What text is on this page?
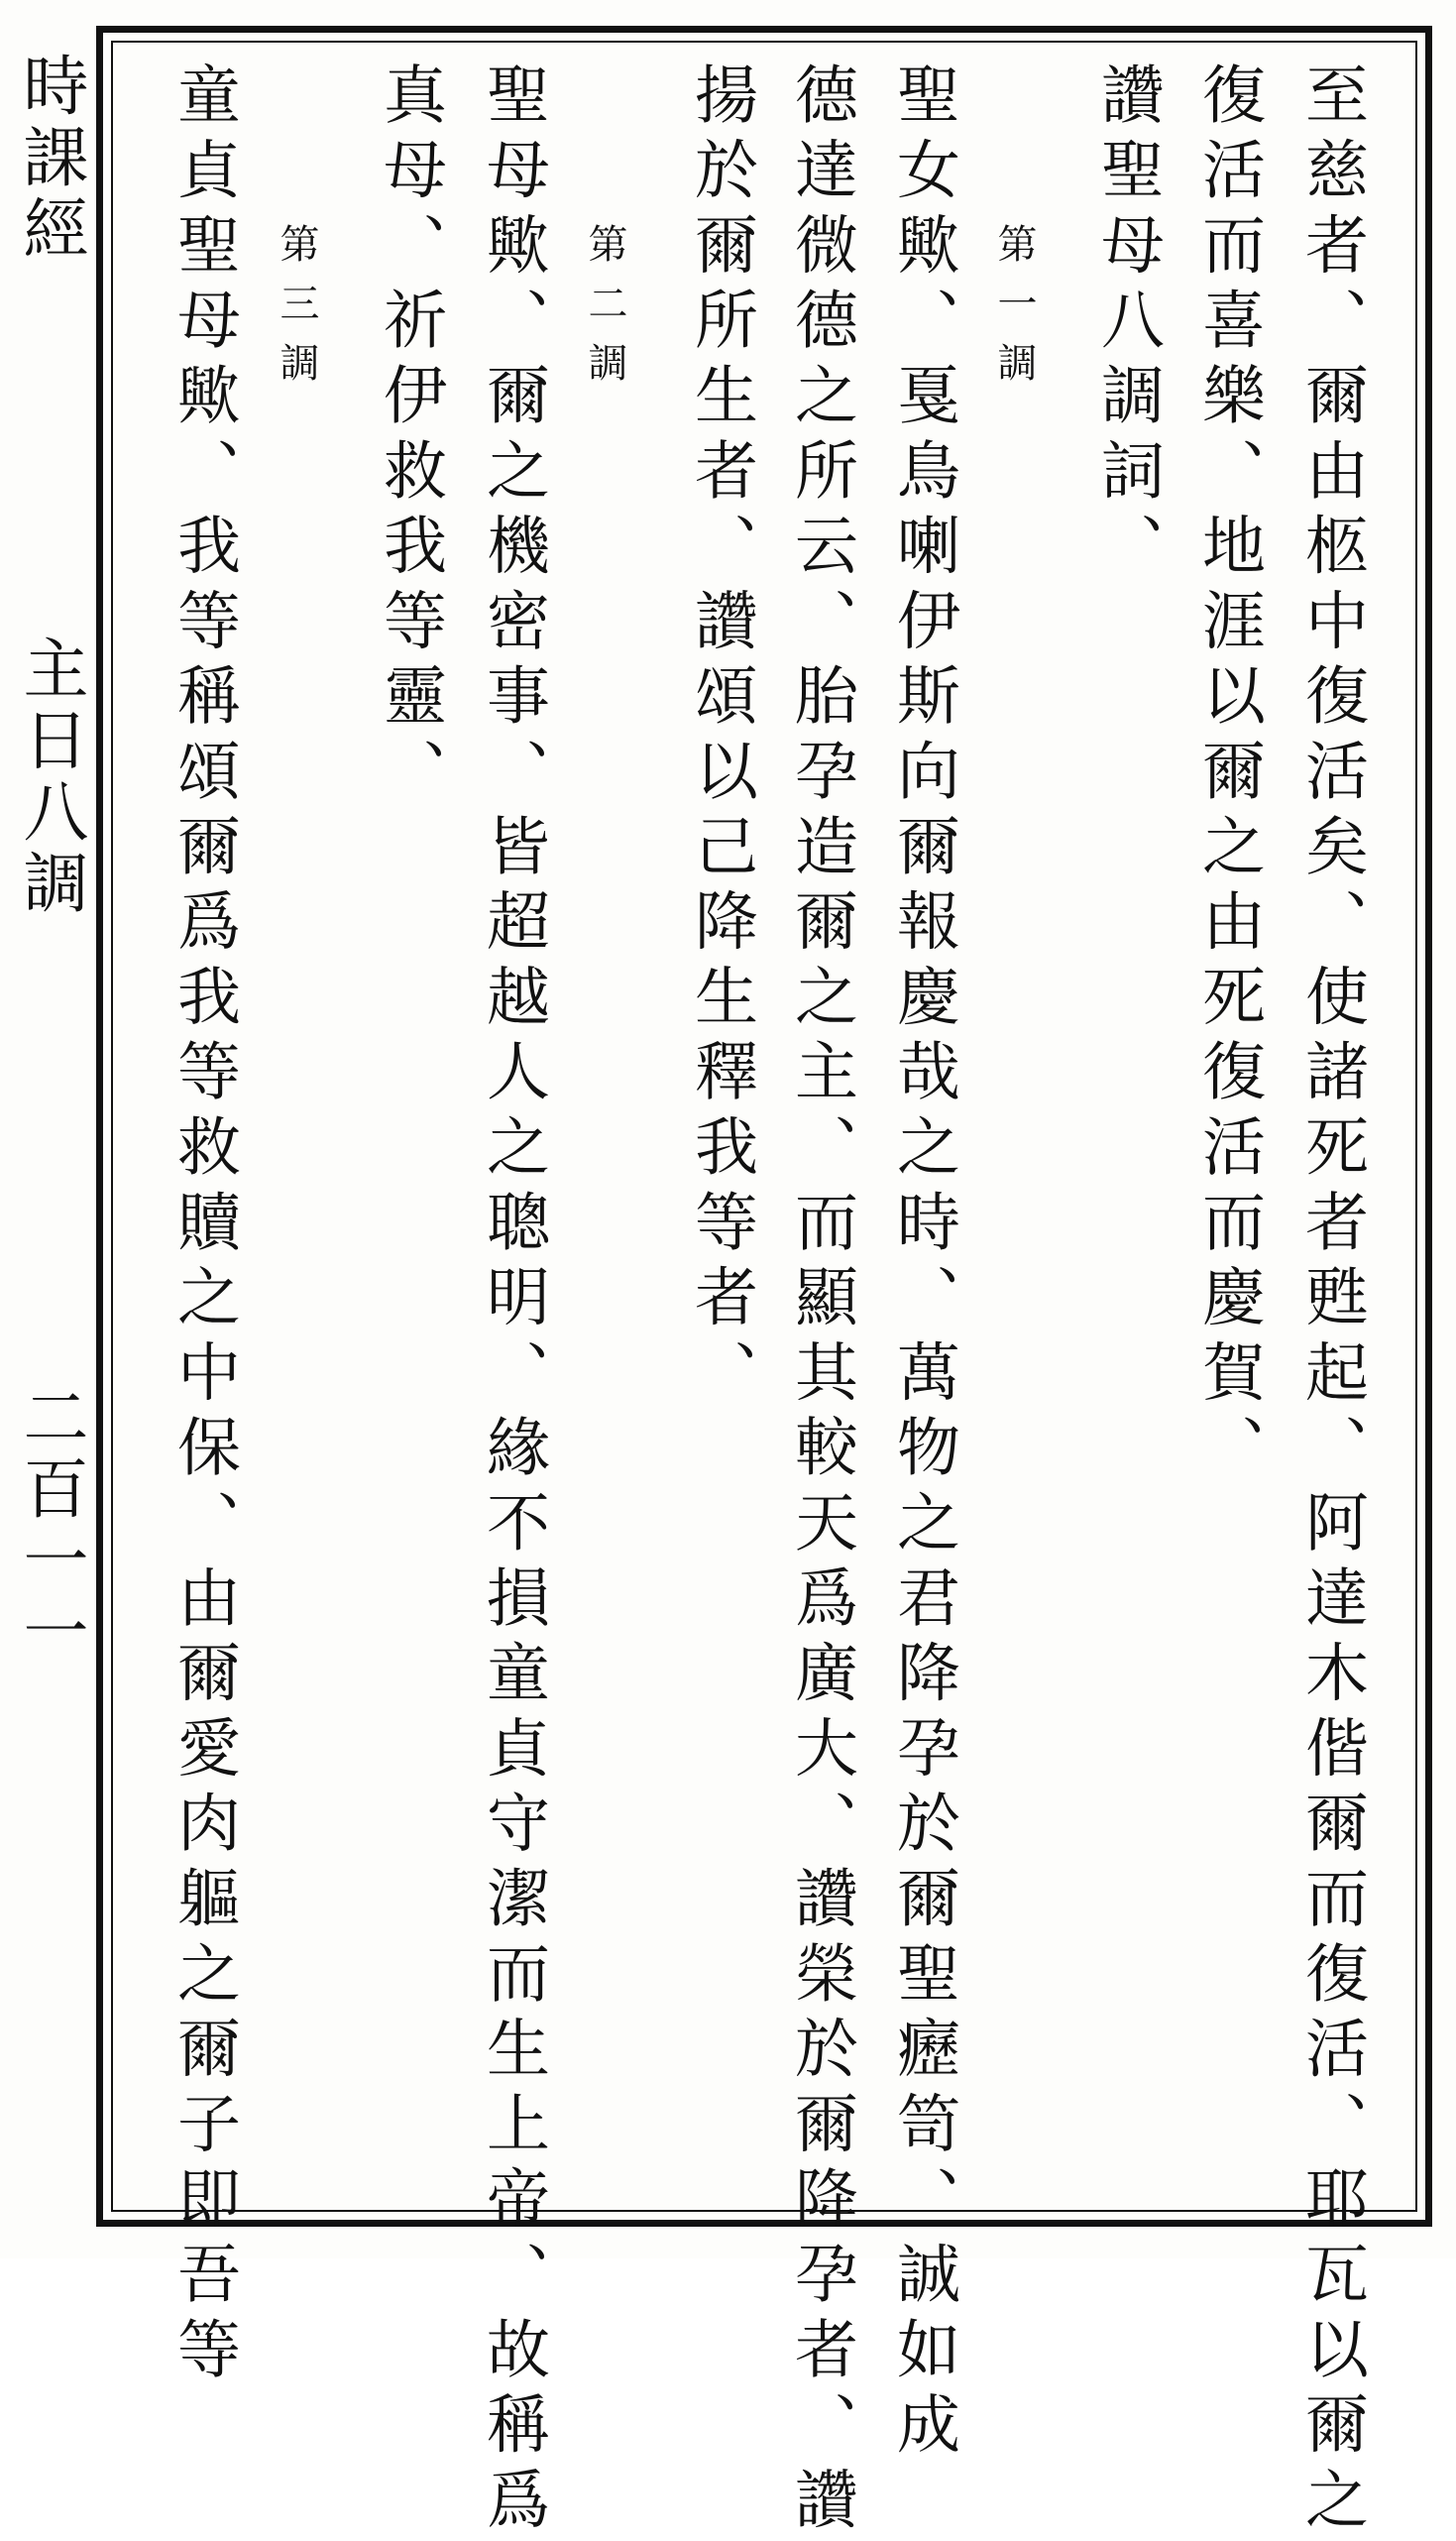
時課經
主日八調
二百一一	至慈者、爾由柩中復活矣、使諸死者甦起、阿達木偕爾而復活、耶瓦以爾之
復活而喜樂、地涯以爾之由死復活而慶賀、
讚聖母八調詞、
第一調
聖女歟、戛鳥喇伊斯向爾報慶哉之時、萬物之君降孕於爾聖癧笥、誠如成
德達微德之所云、胎孕造爾之主、而顯其較天爲廣大、讚榮於爾降孕者、讚
揚於爾所生者、讚頌以己降生釋我等者、
第二調
聖母歟、爾之機密事、皆超越人之聰明、緣不損童貞守潔而生上帝、故稱爲
真母、祈伊救我等靈、
第三調
童貞聖母歟、我等稱頌爾爲我等救贖之中保、由爾愛肉軀之爾子即吾等
